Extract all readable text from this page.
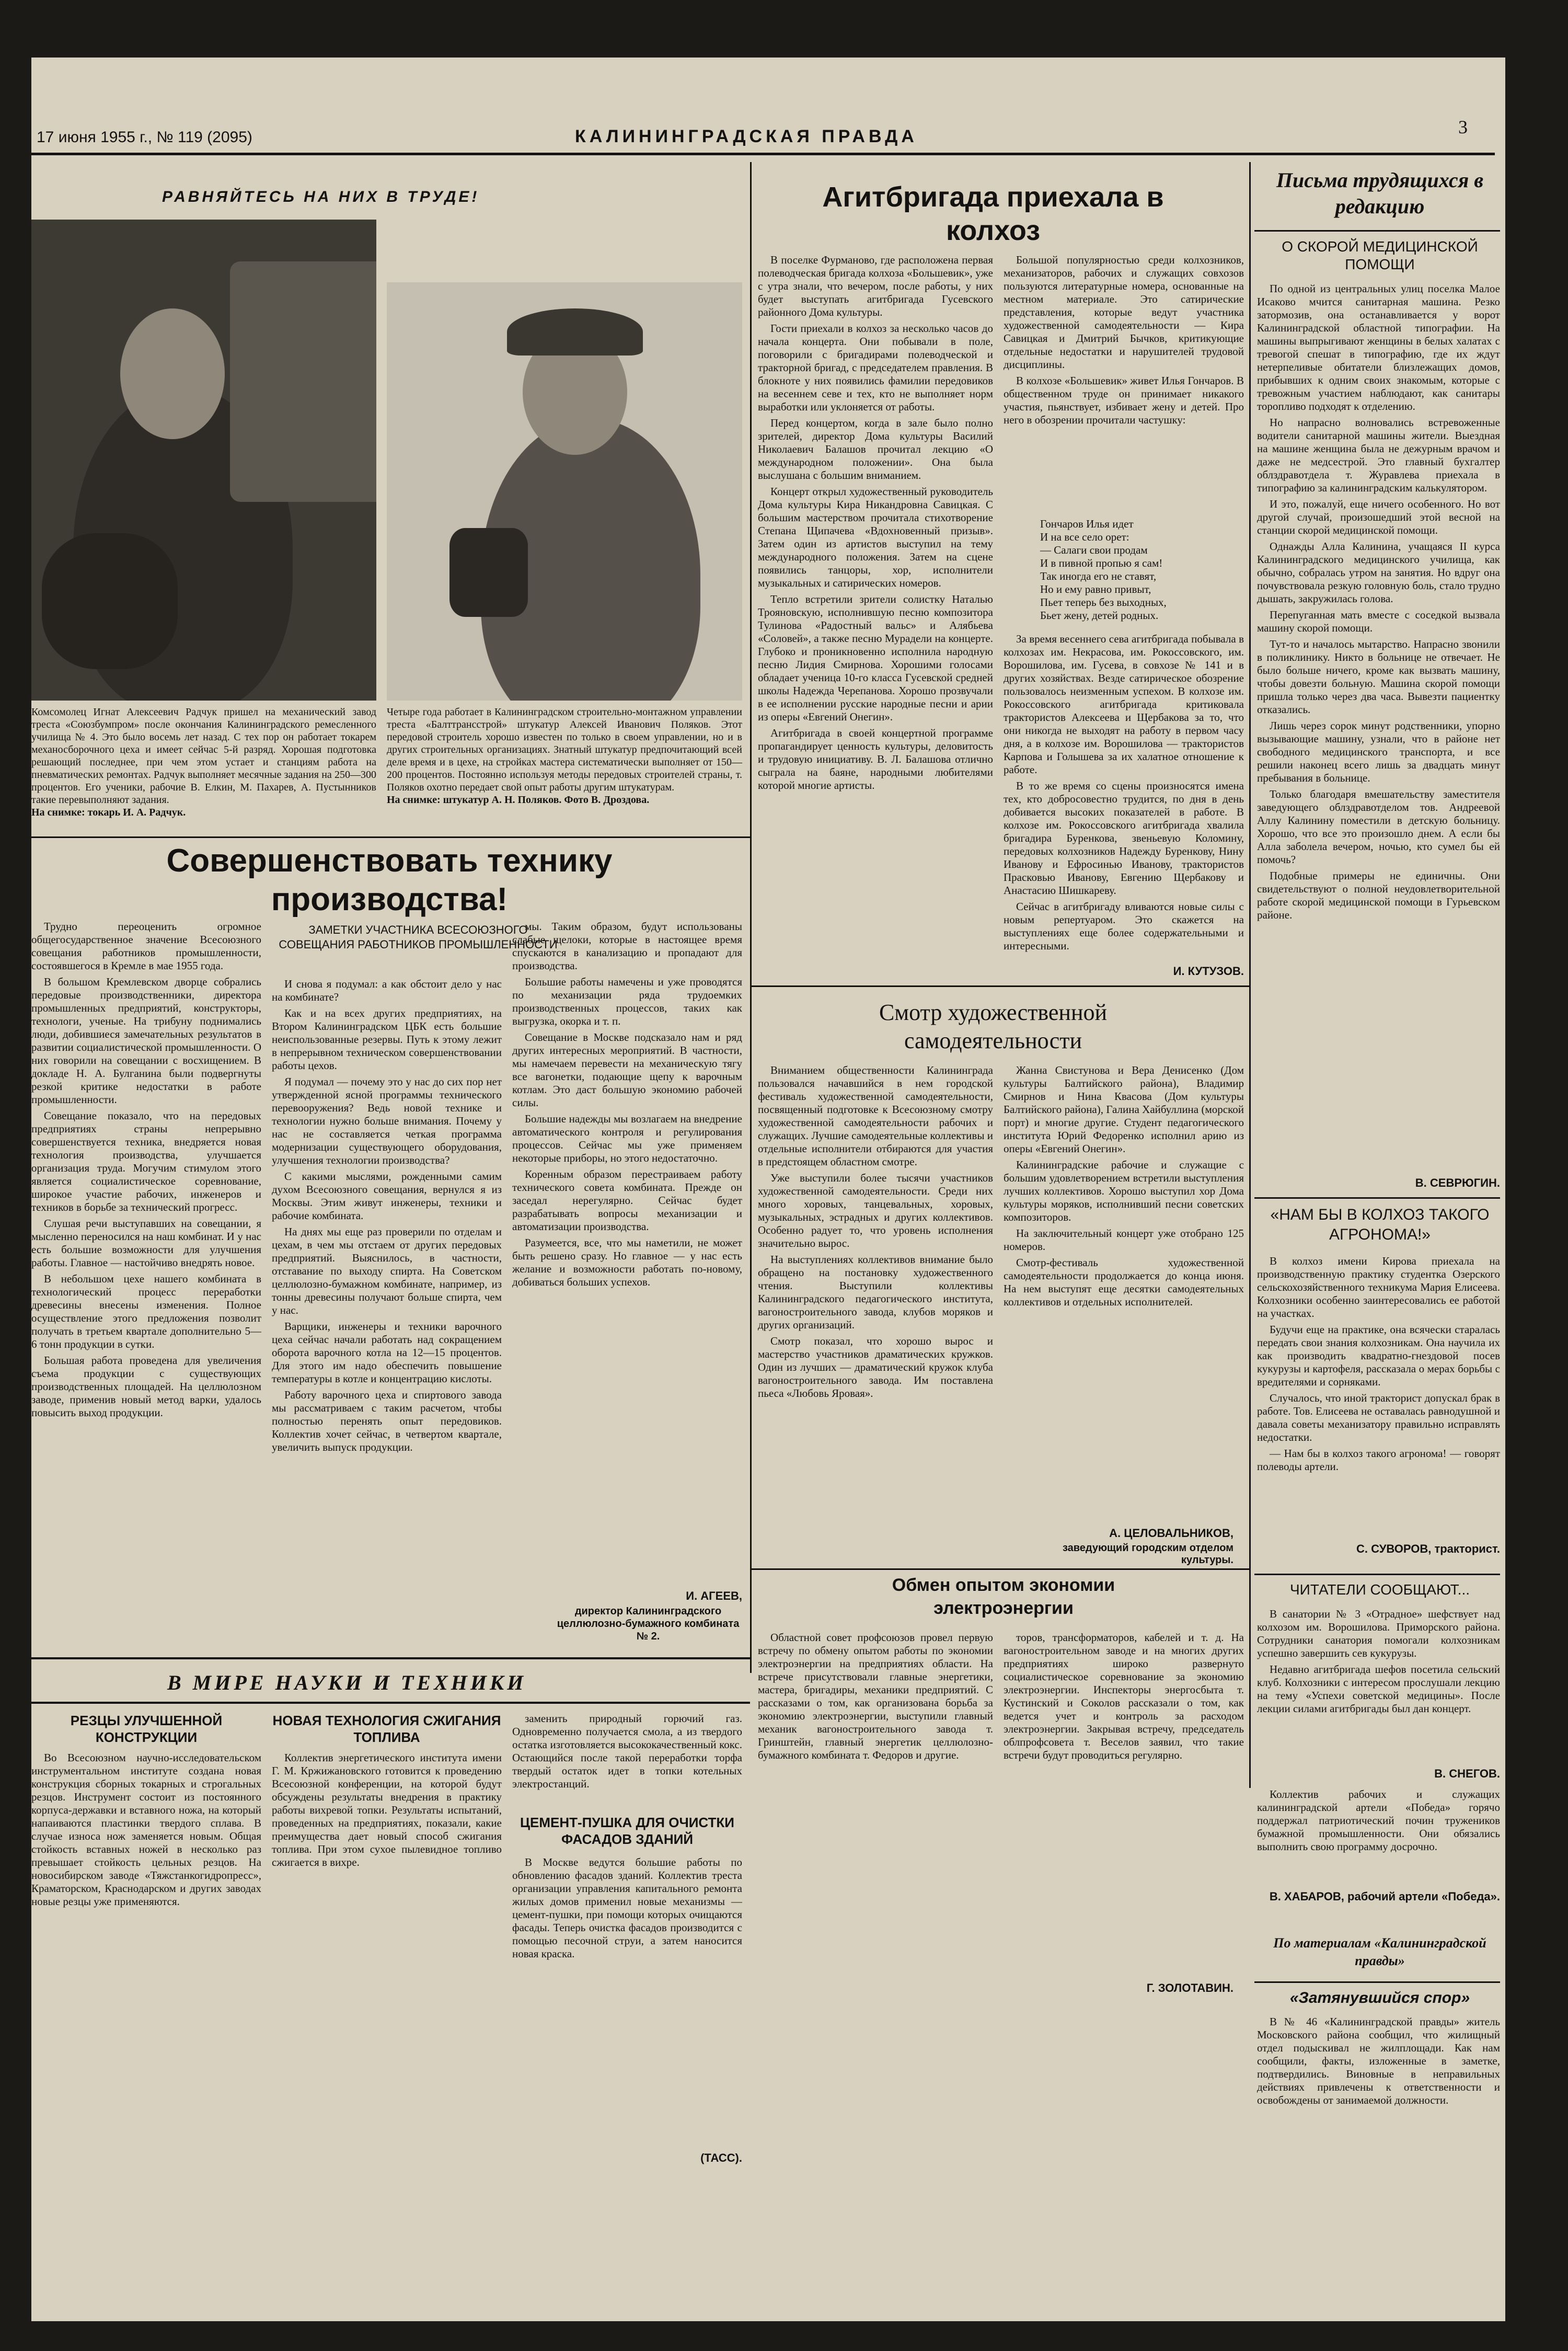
17 июня 1955 г., № 119 (2095)	КАЛИНИНГРАДСКАЯ ПРАВДА	3
РАВНЯЙТЕСЬ НА НИХ В ТРУДЕ!
Комсомолец Игнат Алексеевич Радчук пришел на механический завод треста «Союзбумпром» после окончания Калининградского ремесленного училища № 4. Это было восемь лет назад. С тех пор он работает токарем механосборочного цеха и имеет сейчас 5-й разряд. Хорошая подготовка решающий последнее, при чем этом устает и станциям работа на пневматических ремонтах. Радчук выполняет месячные задания на 250—300 процентов. Его ученики, рабочие В. Елкин, М. Пахарев, А. Пустынников такие перевыполняют задания.
На снимке: токарь И. А. Радчук.
Четыре года работает в Калининградском строительно-монтажном управлении треста «Балттрансстрой» штукатур Алексей Иванович Поляков. Этот передовой строитель хорошо известен по только в своем управлении, но и в других строительных организациях. Знатный штукатур предпочитающий всей деле время и в цехе, на стройках мастера систематически выполняет от 150—200 процентов. Постоянно используя методы передовых строителей страны, т. Поляков охотно передает свой опыт работы другим штукатурам.
На снимке: штукатур А. Н. Поляков. Фото В. Дроздова.
Агитбригада приехала в колхоз

В поселке Фурманово, где расположена первая полеводческая бригада колхоза «Большевик», уже с утра знали, что вечером, после работы, у них будет выступать агитбригада Гусевского районного Дома культуры.

Гости приехали в колхоз за несколько часов до начала концерта. Они побывали в поле, поговорили с бригадирами полеводческой и тракторной бригад, с председателем правления. В блокноте у них появились фамилии передовиков на весеннем севе и тех, кто не выполняет норм выработки или уклоняется от работы.

Перед концертом, когда в зале было полно зрителей, директор Дома культуры Василий Николаевич Балашов прочитал лекцию «О международном положении». Она была выслушана с большим вниманием.

Концерт открыл художественный руководитель Дома культуры Кира Никандровна Савицкая. С большим мастерством прочитала стихотворение Степана Щипачева «Вдохновенный призыв». Затем один из артистов выступил на тему международного положения. Затем на сцене появились танцоры, хор, исполнители музыкальных и сатирических номеров.

Тепло встретили зрители солистку Наталью Трояновскую, исполнившую песню композитора Тулинова «Радостный вальс» и Алябьева «Соловей», а также песню Мурадели на концерте. Глубоко и проникновенно исполнила народную песню Лидия Смирнова. Хорошими голосами обладает ученица 10-го класса Гусевской средней школы Надежда Черепанова. Хорошо прозвучали в ее исполнении русские народные песни и арии из оперы «Евгений Онегин».

Агитбригада в своей концертной программе пропагандирует ценность культуры, деловитость и трудовую инициативу. В. Л. Балашова отлично сыграла на баяне, народными любителями которой многие артисты.

Большой популярностью среди колхозников, механизаторов, рабочих и служащих совхозов пользуются литературные номера, основанные на местном материале. Это сатирические представления, которые ведут участника художественной самодеятельности — Кира Савицкая и Дмитрий Бычков, критикующие отдельные недостатки и нарушителей трудовой дисциплины.

В колхозе «Большевик» живет Илья Гончаров. В общественном труде он принимает никакого участия, пьянствует, избивает жену и детей. Про него в обозрении прочитали частушку:

Гончаров Илья идет
И на все село орет:
— Салаги свои продам
И в пивной пропью я сам!
Так иногда его не ставят,
Но и ему равно привыт,
Пьет теперь без выходных,
Бьет жену, детей родных.

За время весеннего сева агитбригада побывала в колхозах им. Некрасова, им. Рокоссовского, им. Ворошилова, им. Гусева, в совхозе № 141 и в других хозяйствах. Везде сатирическое обозрение пользовалось неизменным успехом. В колхозе им. Рокоссовского агитбригада критиковала трактористов Алексеева и Щербакова за то, что они никогда не выходят на работу в первом часу дня, а в колхозе им. Ворошилова — трактористов Карпова и Голышева за их халатное отношение к работе.

В то же время со сцены произносятся имена тех, кто добросовестно трудится, по дня в день добивается высоких показателей в работе. В колхозе им. Рокоссовского агитбригада хвалила бригадира Буренкова, звеньевую Коломину, передовых колхозников Надежду Буренкову, Нину Иванову и Ефросинью Иванову, трактористов Прасковью Иванову, Евгению Щербакову и Анастасию Шишкареву.

Сейчас в агитбригаду вливаются новые силы с новым репертуаром. Это скажется на выступлениях еще более содержательными и интересными.

И. КУТУЗОВ.
Письма трудящихся в редакцию
О СКОРОЙ МЕДИЦИНСКОЙ ПОМОЩИ

По одной из центральных улиц поселка Малое Исаково мчится санитарная машина. Резко затормозив, она останавливается у ворот Калининградской областной типографии. На машины выпрыгивают женщины в белых халатах с тревогой спешат в типографию, где их ждут нетерпеливые обитатели близлежащих домов, прибывших к одним своих знакомым, которые с тревожным участием наблюдают, как санитары торопливо подходят к отделению.

Но напрасно волновались встревоженные водители санитарной машины жители. Выездная на машине женщина была не дежурным врачом и даже не медсестрой. Это главный бухгалтер облздравотдела т. Журавлева приехала в типографию за калининградским калькулятором.

И это, пожалуй, еще ничего особенного. Но вот другой случай, произошедший этой весной на станции скорой медицинской помощи.

Однажды Алла Калинина, учащаяся II курса Калининградского медицинского училища, как обычно, собралась утром на занятия. Но вдруг она почувствовала резкую головную боль, стало трудно дышать, закружилась голова.

Перепуганная мать вместе с соседкой вызвала машину скорой помощи.

Тут-то и началось мытарство. Напрасно звонили в поликлинику. Никто в больнице не отвечает. Не было больше ничего, кроме как вызвать машину, чтобы довезти больную. Машина скорой помощи пришла только через два часа. Вывезти пациентку отказались.

Лишь через сорок минут родственники, упорно вызывающие машину, узнали, что в районе нет свободного медицинского транспорта, и все решили наконец всего лишь за двадцать минут пребывания в больнице.

Только благодаря вмешательству заместителя заведующего облздравотделом тов. Андреевой Аллу Калинину поместили в детскую больницу. Хорошо, что все это произошло днем. А если бы Алла заболела вечером, ночью, кто сумел бы ей помочь?

Подобные примеры не единичны. Они свидетельствуют о полной неудовлетворительной работе скорой медицинской помощи в Гурьевском районе.

В. СЕВРЮГИН.
«НАМ БЫ В КОЛХОЗ ТАКОГО АГРОНОМА!»

В колхоз имени Кирова приехала на производственную практику студентка Озерского сельскохозяйственного техникума Мария Елисеева. Колхозники особенно заинтересовались ее работой на участках.

Будучи еще на практике, она всячески старалась передать свои знания колхозникам. Она научила их как производить квадратно-гнездовой посев кукурузы и картофеля, рассказала о мерах борьбы с вредителями и сорняками.

Случалось, что иной тракторист допускал брак в работе. Тов. Елисеева не оставалась равнодушной и давала советы механизатору правильно исправлять недостатки.

— Нам бы в колхоз такого агронома! — говорят полеводы артели.

С. СУВОРОВ, тракторист.
ЧИТАТЕЛИ СООБЩАЮТ...

В санатории № 3 «Отрадное» шефствует над колхозом им. Ворошилова. Приморского района. Сотрудники санатория помогали колхозникам успешно завершить сев кукурузы.

Недавно агитбригада шефов посетила сельский клуб. Колхозники с интересом прослушали лекцию на тему «Успехи советской медицины». После лекции силами агитбригады был дан концерт.

В. СНЕГОВ.

Коллектив рабочих и служащих калининградской артели «Победа» горячо поддержал патриотический почин тружеников бумажной промышленности. Они обязались выполнить свою программу досрочно.

В. ХАБАРОВ, рабочий артели «Победа».
По материалам «Калининградской правды»
«Затянувшийся спор»

В № 46 «Калининградской правды» житель Московского района сообщил, что жилищный отдел подыскивал не жилплощади. Как нам сообщили, факты, изложенные в заметке, подтвердились. Виновные в неправильных действиях привлечены к ответственности и освобождены от занимаемой должности.

Совершенствовать технику производства!
ЗАМЕТКИ УЧАСТНИКА ВСЕСОЮЗНОГО СОВЕЩАНИЯ РАБОТНИКОВ ПРОМЫШЛЕННОСТИ

Трудно переоценить огромное общегосударственное значение Всесоюзного совещания работников промышленности, состоявшегося в Кремле в мае 1955 года.

В большом Кремлевском дворце собрались передовые производственники, директора промышленных предприятий, конструкторы, технологи, ученые. На трибуну поднимались люди, добившиеся замечательных результатов в развитии социалистической промышленности. О них говорили на совещании с восхищением. В докладе Н. А. Булганина были подвергнуты резкой критике недостатки в работе промышленности.

Совещание показало, что на передовых предприятиях страны непрерывно совершенствуется техника, внедряется новая технология производства, улучшается организация труда. Могучим стимулом этого является социалистическое соревнование, широкое участие рабочих, инженеров и техников в борьбе за технический прогресс.

Слушая речи выступавших на совещании, я мысленно переносился на наш комбинат. И у нас есть большие возможности для улучшения работы. Главное — настойчиво внедрять новое.

В небольшом цехе нашего комбината в технологический процесс переработки древесины внесены изменения. Полное осуществление этого предложения позволит получать в третьем квартале дополнительно 5—6 тонн продукции в сутки.

Большая работа проведена для увеличения съема продукции с существующих производственных площадей. На целлюлозном заводе, применив новый метод варки, удалось повысить выход продукции.

И снова я подумал: а как обстоит дело у нас на комбинате?

Как и на всех других предприятиях, на Втором Калининградском ЦБК есть большие неиспользованные резервы. Путь к этому лежит в непрерывном техническом совершенствовании работы цехов.

Я подумал — почему это у нас до сих пор нет утвержденной ясной программы технического перевооружения? Ведь новой технике и технологии нужно больше внимания. Почему у нас не составляется четкая программа модернизации существующего оборудования, улучшения технологии производства?

С какими мыслями, рожденными самим духом Всесоюзного совещания, вернулся я из Москвы. Этим живут инженеры, техники и рабочие комбината.

На днях мы еще раз проверили по отделам и цехам, в чем мы отстаем от других передовых предприятий. Выяснилось, в частности, отставание по выходу спирта. На Советском целлюлозно-бумажном комбинате, например, из тонны древесины получают больше спирта, чем у нас.

Варщики, инженеры и техники варочного цеха сейчас начали работать над сокращением оборота варочного котла на 12—15 процентов. Для этого им надо обеспечить повышение температуры в котле и концентрацию кислоты.

Работу варочного цеха и спиртового завода мы рассматриваем с таким расчетом, чтобы полностью перенять опыт передовиков. Коллектив хочет сейчас, в четвертом квартале, увеличить выпуск продукции.

мы. Таким образом, будут использованы слабые щелоки, которые в настоящее время спускаются в канализацию и пропадают для производства.

Большие работы намечены и уже проводятся по механизации ряда трудоемких производственных процессов, таких как выгрузка, окорка и т. п.

Совещание в Москве подсказало нам и ряд других интересных мероприятий. В частности, мы намечаем перевести на механическую тягу все вагонетки, подающие щепу к варочным котлам. Это даст большую экономию рабочей силы.

Большие надежды мы возлагаем на внедрение автоматического контроля и регулирования процессов. Сейчас мы уже применяем некоторые приборы, но этого недостаточно.

Коренным образом перестраиваем работу технического совета комбината. Прежде он заседал нерегулярно. Сейчас будет разрабатывать вопросы механизации и автоматизации производства.

Разумеется, все, что мы наметили, не может быть решено сразу. Но главное — у нас есть желание и возможности работать по-новому, добиваться больших успехов.

И. АГЕЕВ,
директор Калининградского целлюлозно-бумажного комбината № 2.
Смотр художественной самодеятельности

Вниманием общественности Калининграда пользовался начавшийся в нем городской фестиваль художественной самодеятельности, посвященный подготовке к Всесоюзному смотру художественной самодеятельности рабочих и служащих. Лучшие самодеятельные коллективы и отдельные исполнители отбираются для участия в предстоящем областном смотре.

Уже выступили более тысячи участников художественной самодеятельности. Среди них много хоровых, танцевальных, хоровых, музыкальных, эстрадных и других коллективов. Особенно радует то, что уровень исполнения значительно вырос.

На выступлениях коллективов внимание было обращено на постановку художественного чтения. Выступили коллективы Калининградского педагогического института, вагоностроительного завода, клубов моряков и других организаций.

Смотр показал, что хорошо вырос и мастерство участников драматических кружков. Один из лучших — драматический кружок клуба вагоностроительного завода. Им поставлена пьеса «Любовь Яровая».

Жанна Свистунова и Вера Денисенко (Дом культуры Балтийского района), Владимир Смирнов и Нина Квасова (Дом культуры Балтийского района), Галина Хайбуллина (морской порт) и многие другие. Студент педагогического института Юрий Федоренко исполнил арию из оперы «Евгений Онегин».

Калининградские рабочие и служащие с большим удовлетворением встретили выступления лучших коллективов. Хорошо выступил хор Дома культуры моряков, исполнивший песни советских композиторов.

На заключительный концерт уже отобрано 125 номеров.

Смотр-фестиваль художественной самодеятельности продолжается до конца июня. На нем выступят еще десятки самодеятельных коллективов и отдельных исполнителей.

А. ЦЕЛОВАЛЬНИКОВ,
заведующий городским отделом культуры.
Обмен опытом экономии электроэнергии

Областной совет профсоюзов провел первую встречу по обмену опытом работы по экономии электроэнергии на предприятиях области. На встрече присутствовали главные энергетики, мастера, бригадиры, механики предприятий. С рассказами о том, как организована борьба за экономию электроэнергии, выступили главный механик вагоностроительного завода т. Гринштейн, главный энергетик целлюлозно-бумажного комбината т. Федоров и другие.

торов, трансформаторов, кабелей и т. д. На вагоностроительном заводе и на многих других предприятиях широко развернуто социалистическое соревнование за экономию электроэнергии. Инспекторы энергосбыта т. Кустинский и Соколов рассказали о том, как ведется учет и контроль за расходом электроэнергии. Закрывая встречу, председатель облпрофсовета т. Веселов заявил, что такие встречи будут проводиться регулярно.

Г. ЗОЛОТАВИН.
В МИРЕ НАУКИ И ТЕХНИКИ
РЕЗЦЫ УЛУЧШЕННОЙ КОНСТРУКЦИИ

Во Всесоюзном научно-исследовательском инструментальном институте создана новая конструкция сборных токарных и строгальных резцов. Инструмент состоит из постоянного корпуса-державки и вставного ножа, на который напаиваются пластинки твердого сплава. В случае износа нож заменяется новым. Общая стойкость вставных ножей в несколько раз превышает стойкость цельных резцов. На новосибирском заводе «Тяжстанкогидропресс», Краматорском, Краснодарском и других заводах новые резцы уже применяются.

НОВАЯ ТЕХНОЛОГИЯ СЖИГАНИЯ ТОПЛИВА

Коллектив энергетического института имени Г. М. Кржижановского готовится к проведению Всесоюзной конференции, на которой будут обсуждены результаты внедрения в практику работы вихревой топки. Результаты испытаний, проведенных на предприятиях, показали, какие преимущества дает новый способ сжигания топлива. При этом сухое пылевидное топливо сжигается в вихре.

заменить природный горючий газ. Одновременно получается смола, а из твердого остатка изготовляется высококачественный кокс. Остающийся после такой переработки торфа твердый остаток идет в топки котельных электростанций.

ЦЕМЕНТ-ПУШКА ДЛЯ ОЧИСТКИ ФАСАДОВ ЗДАНИЙ

В Москве ведутся большие работы по обновлению фасадов зданий. Коллектив треста организации управления капитального ремонта жилых домов применил новые механизмы — цемент-пушки, при помощи которых очищаются фасады. Теперь очистка фасадов производится с помощью песочной струи, а затем наносится новая краска.

(ТАСС).
